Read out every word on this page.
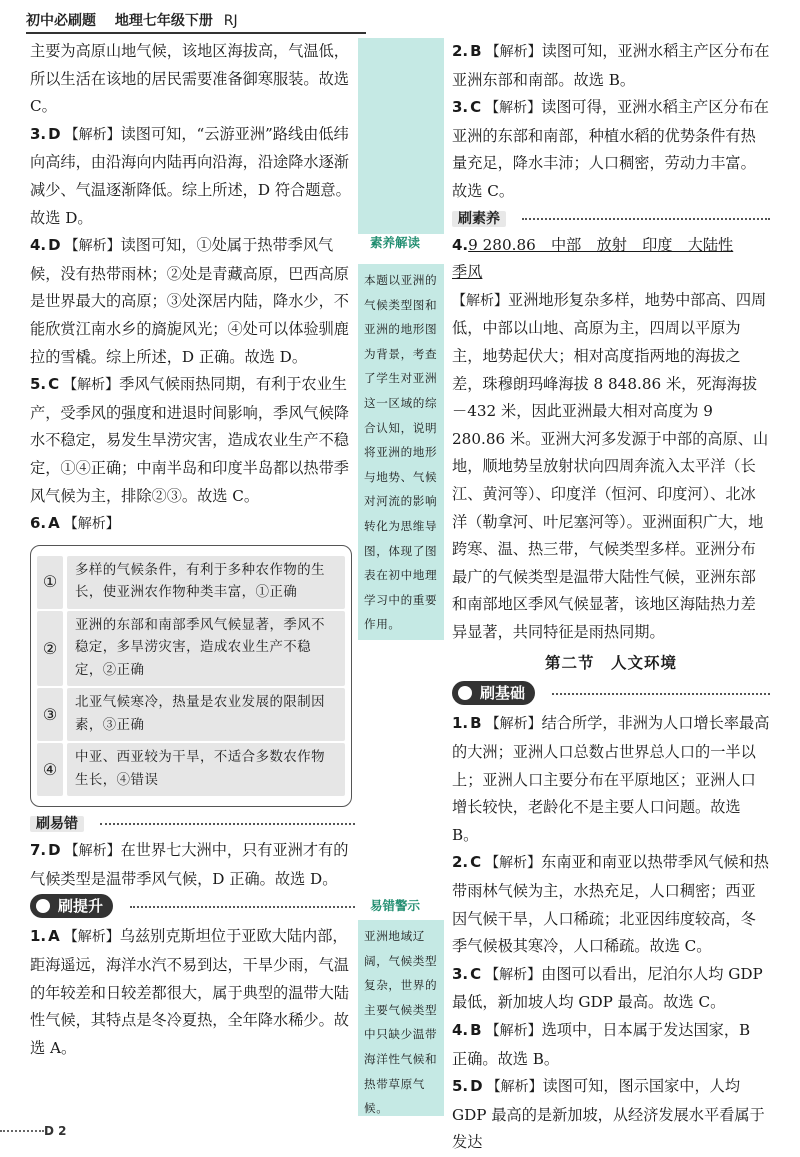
初中必刷题 地理七年级下册 RJ

主要为高原山地气候，该地区海拔高，气温低，所以生活在该地的居民需要准备御寒服装。故选 C。

3. D 【解析】读图可知，“云游亚洲”路线由低纬向高纬，由沿海向内陆再向沿海，沿途降水逐渐减少、气温逐渐降低。综上所述，D 符合题意。故选 D。
4. D 【解析】读图可知，①处属于热带季风气候，没有热带雨林；②处是青藏高原，巴西高原是世界最大的高原；③处深居内陆，降水少，不能欣赏江南水乡的旖旎风光；④处可以体验驯鹿拉的雪橇。综上所述，D 正确。故选 D。
5. C 【解析】季风气候雨热同期，有利于农业生产，受季风的强度和进退时间影响，季风气候降水不稳定，易发生旱涝灾害，造成农业生产不稳定，①④正确；中南半岛和印度半岛都以热带季风气候为主，排除②③。故选 C。
6. A 【解析】
①
多样的气候条件，有利于多种农作物的生长，使亚洲农作物种类丰富，①正确
②
亚洲的东部和南部季风气候显著，季风不稳定，多旱涝灾害，造成农业生产不稳定，②正确
③
北亚气候寒冷，热量是农业发展的限制因素，③正确
④
中亚、西亚较为干旱，不适合多数农作物生长，④错误
刷易错
7. D 【解析】在世界七大洲中，只有亚洲才有的气候类型是温带季风气候，D 正确。故选 D。
刷提升
1. A 【解析】乌兹别克斯坦位于亚欧大陆内部，距海遥远，海洋水汽不易到达，干旱少雨，气温的年较差和日较差都很大，属于典型的温带大陆性气候，其特点是冬冷夏热，全年降水稀少。故选 A。
素养解读
本题以亚洲的气候类型图和亚洲的地形图为背景，考查了学生对亚洲这一区域的综合认知，说明将亚洲的地形与地势、气候对河流的影响转化为思维导图，体现了图表在初中地理学习中的重要作用。
易错警示
亚洲地域辽阔，气候类型复杂，世界的主要气候类型中只缺少温带海洋性气候和热带草原气候。
2. B 【解析】读图可知，亚洲水稻主产区分布在亚洲东部和南部。故选 B。
3. C 【解析】读图可得，亚洲水稻主产区分布在亚洲的东部和南部，种植水稻的优势条件有热量充足，降水丰沛；人口稠密，劳动力丰富。故选 C。
刷素养
4.9 280.86　中部　放射　印度　大陆性
季风
【解析】亚洲地形复杂多样，地势中部高、四周低，中部以山地、高原为主，四周以平原为主，地势起伏大；相对高度指两地的海拔之差，珠穆朗玛峰海拔 8 848.86 米，死海海拔－432 米，因此亚洲最大相对高度为 9 280.86 米。亚洲大河多发源于中部的高原、山地，顺地势呈放射状向四周奔流入太平洋（长江、黄河等）、印度洋（恒河、印度河）、北冰洋（勒拿河、叶尼塞河等）。亚洲面积广大，地跨寒、温、热三带，气候类型多样。亚洲分布最广的气候类型是温带大陆性气候，亚洲东部和南部地区季风气候显著，该地区海陆热力差异显著，共同特征是雨热同期。
第二节　人文环境
刷基础
1. B 【解析】结合所学，非洲为人口增长率最高的大洲；亚洲人口总数占世界总人口的一半以上；亚洲人口主要分布在平原地区；亚洲人口增长较快，老龄化不是主要人口问题。故选 B。
2. C 【解析】东南亚和南亚以热带季风气候和热带雨林气候为主，水热充足，人口稠密；西亚因气候干旱，人口稀疏；北亚因纬度较高，冬季气候极其寒冷，人口稀疏。故选 C。
3. C 【解析】由图可以看出，尼泊尔人均 GDP 最低，新加坡人均 GDP 最高。故选 C。
4. B 【解析】选项中，日本属于发达国家，B 正确。故选 B。
5. D 【解析】读图可知，图示国家中，人均 GDP 最高的是新加坡，从经济发展水平看属于发达
D 2
